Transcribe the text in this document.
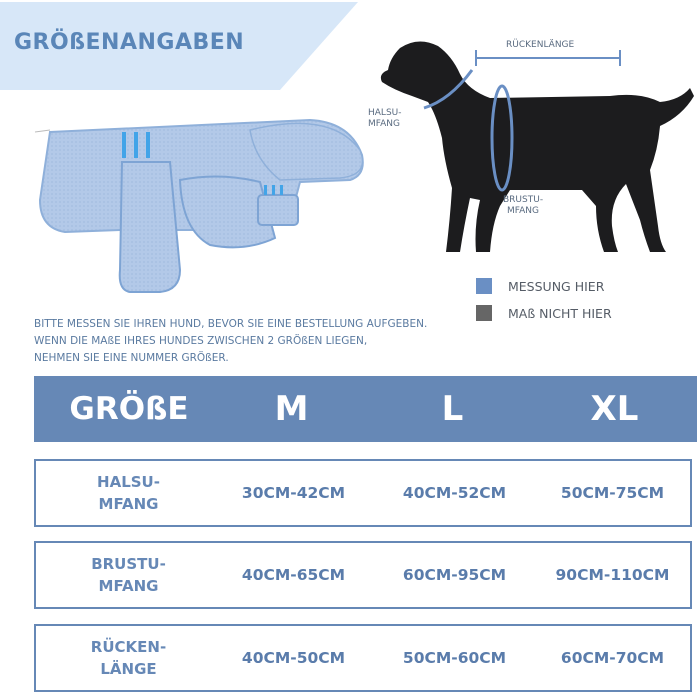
GRÖßENANGABEN	RÜCKENLÄNGE
HALSU-
MFANG
BRUSTU-
MFANG
MESSUNG HIER
MAß NICHT HIER
BITTE MESSEN SIE IHREN HUND, BEVOR SIE EINE BESTELLUNG AUFGEBEN.
WENN DIE MAßE IHRES HUNDES ZWISCHEN 2 GRÖßEN LIEGEN,
NEHMEN SIE EINE NUMMER GRÖßER.
GRÖßE	M	L	XL
HALSU-
MFANG
30CM-42CM	40CM-52CM	50CM-75CM
BRUSTU-
MFANG
40CM-65CM	60CM-95CM	90CM-110CM
RÜCKEN-
LÄNGE
40CM-50CM	50CM-60CM	60CM-70CM
